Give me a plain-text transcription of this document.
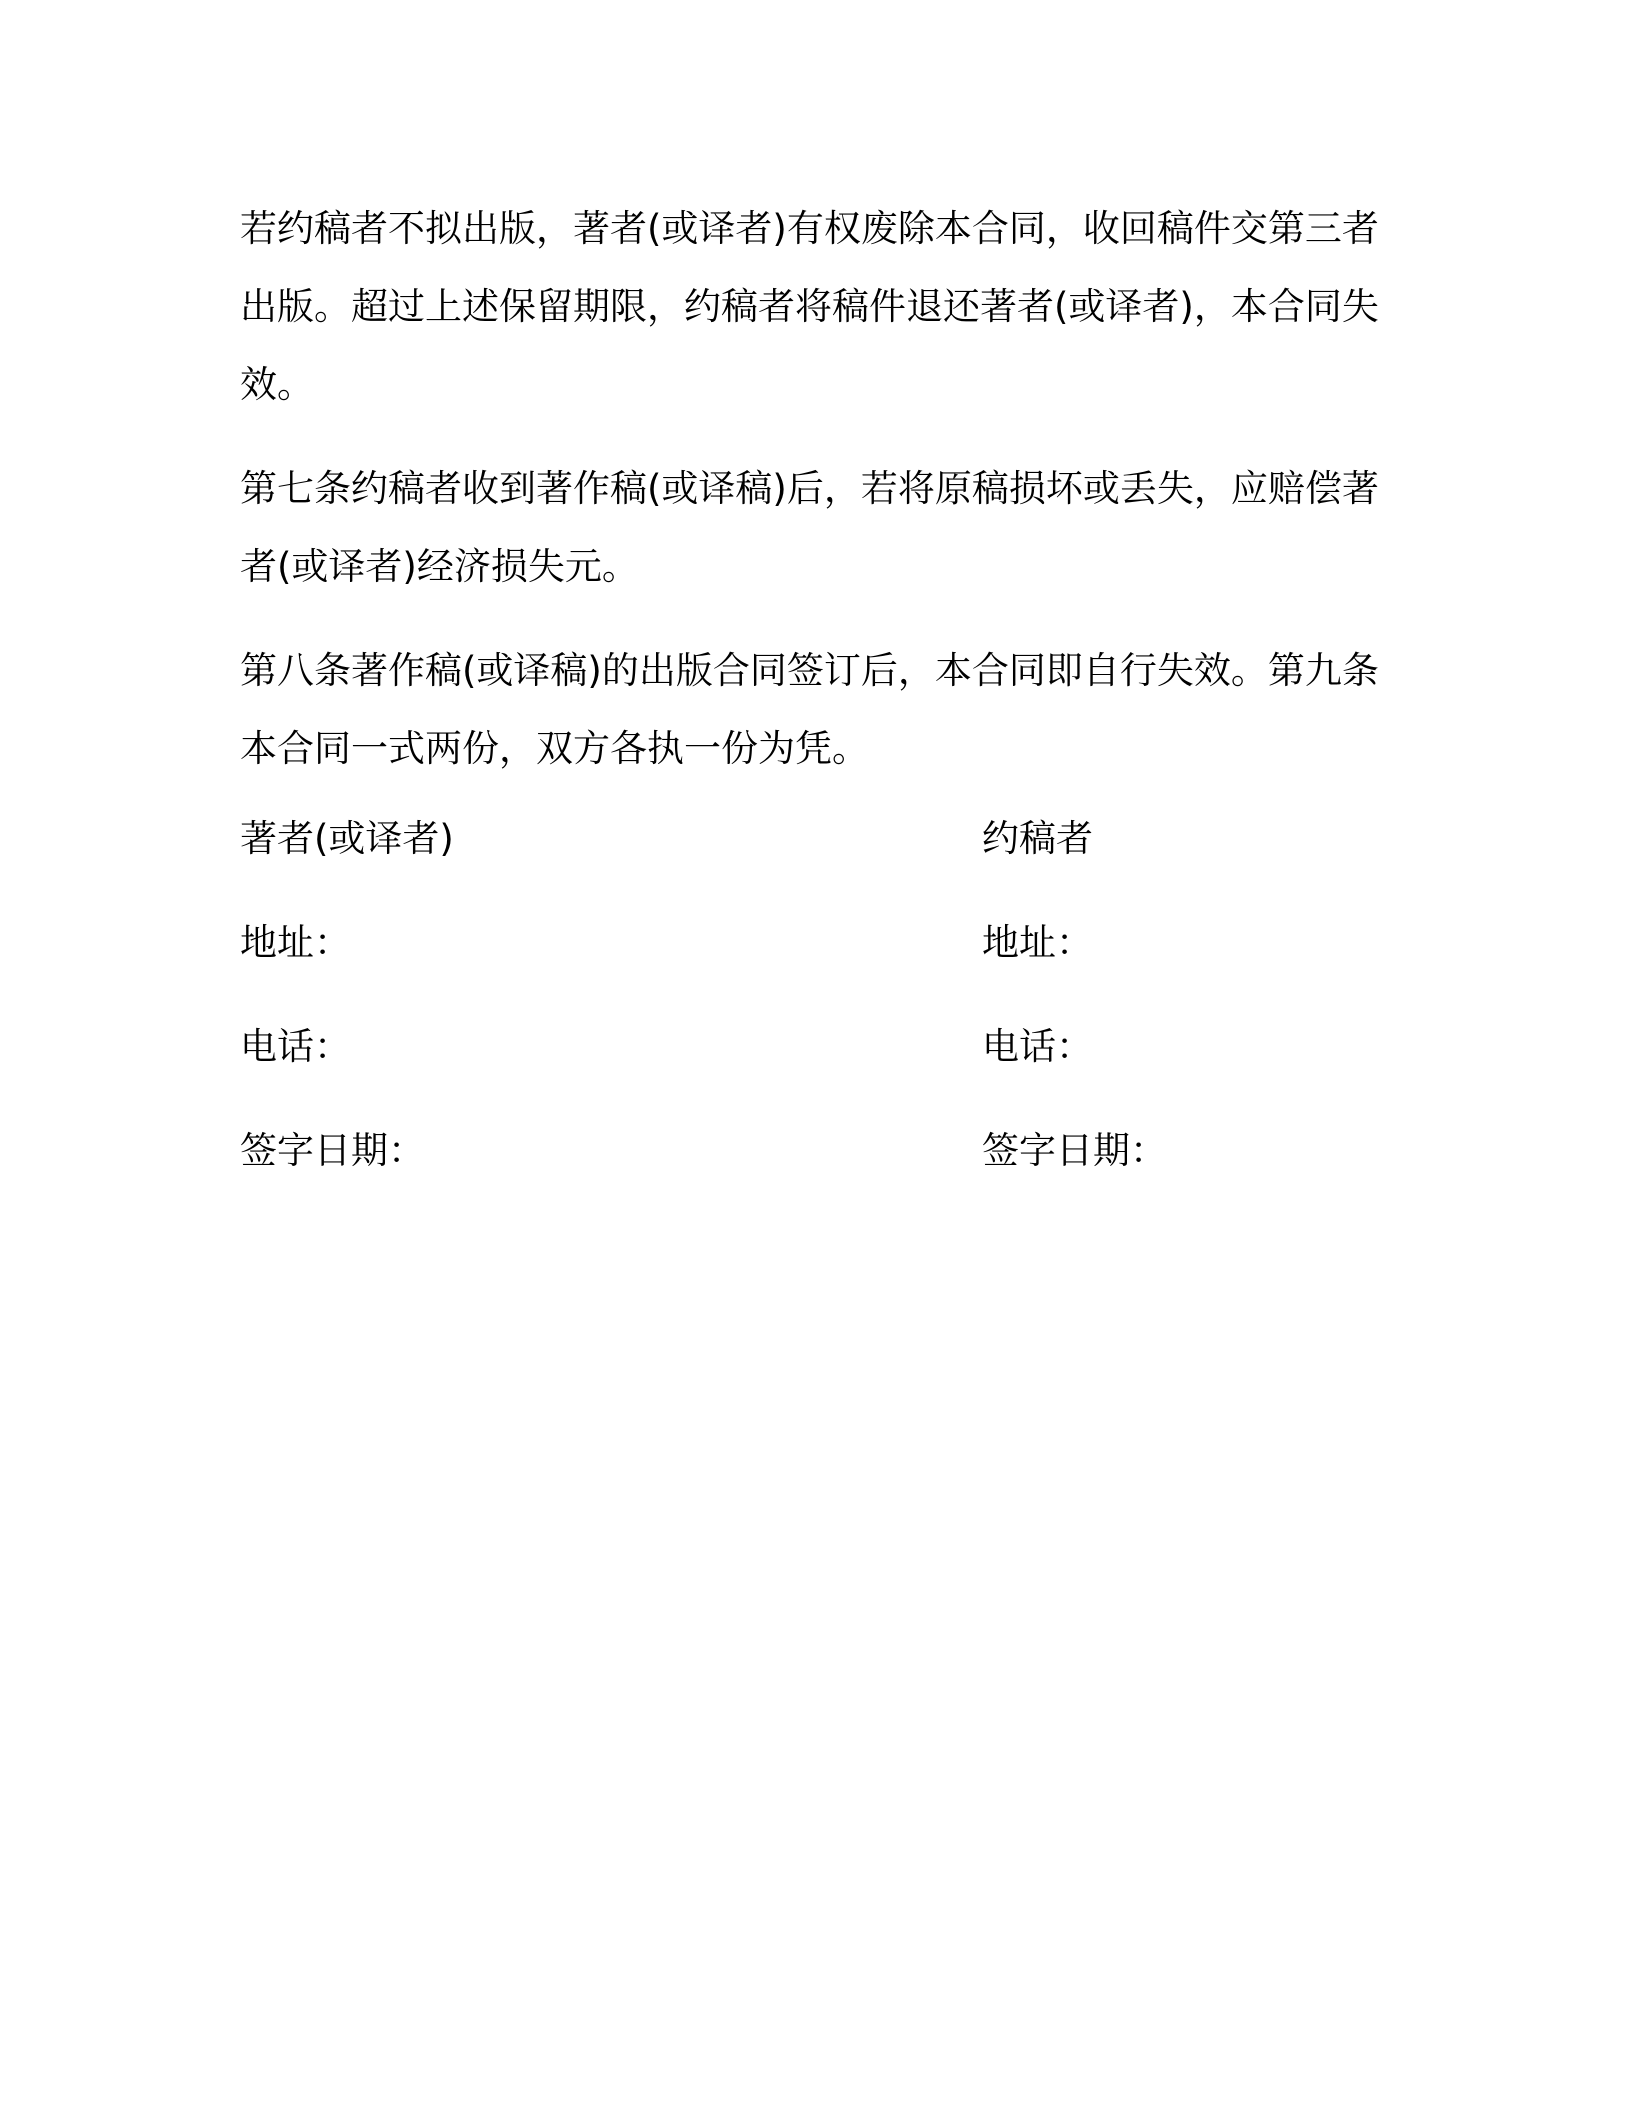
若约稿者不拟出版，著者(或译者)有权废除本合同，收回稿件交第三者出版。超过上述保留期限，约稿者将稿件退还著者(或译者)，本合同失效。

第七条约稿者收到著作稿(或译稿)后，若将原稿损坏或丢失，应赔偿著者(或译者)经济损失元。

第八条著作稿(或译稿)的出版合同签订后，本合同即自行失效。第九条本合同一式两份，双方各执一份为凭。

著者(或译者)
地址：
电话：
签字日期：
约稿者
地址：
电话：
签字日期：
